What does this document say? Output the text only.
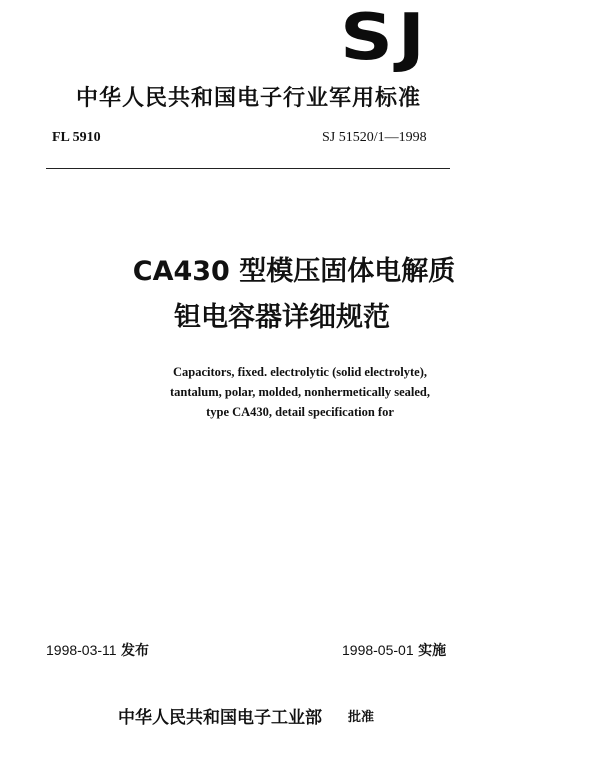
SJ
中华人民共和国电子行业军用标准
FL 5910	SJ 51520/1—1998
CA430 型模压固体电解质
钽电容器详细规范
Capacitors, fixed. electrolytic (solid electrolyte),
tantalum, polar, molded, nonhermetically sealed,
type CA430, detail specification for
1998-03-11 发布	1998-05-01 实施
中华人民共和国电子工业部 批准
